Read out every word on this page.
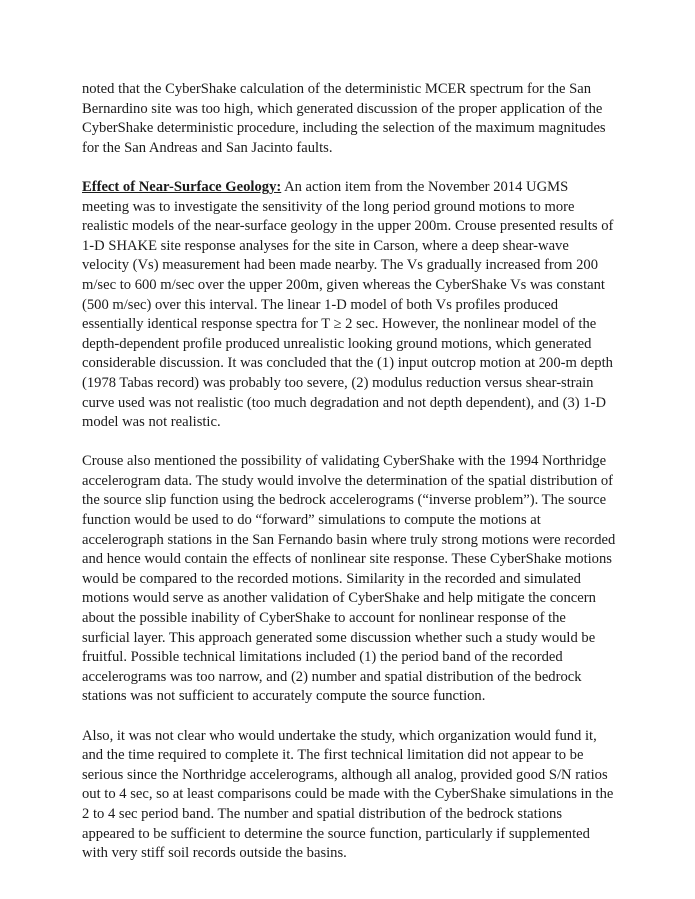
noted that the CyberShake calculation of the deterministic MCER spectrum for the San Bernardino site was too high, which generated discussion of the proper application of the CyberShake deterministic procedure, including the selection of the maximum magnitudes for the San Andreas and San Jacinto faults.

Effect of Near-Surface Geology: An action item from the November 2014 UGMS meeting was to investigate the sensitivity of the long period ground motions to more realistic models of the near-surface geology in the upper 200m. Crouse presented results of 1-D SHAKE site response analyses for the site in Carson, where a deep shear-wave velocity (Vs) measurement had been made nearby. The Vs gradually increased from 200 m/sec to 600 m/sec over the upper 200m, given whereas the CyberShake Vs was constant (500 m/sec) over this interval. The linear 1-D model of both Vs profiles produced essentially identical response spectra for T ≥ 2 sec. However, the nonlinear model of the depth-dependent profile produced unrealistic looking ground motions, which generated considerable discussion. It was concluded that the (1) input outcrop motion at 200-m depth (1978 Tabas record) was probably too severe, (2) modulus reduction versus shear-strain curve used was not realistic (too much degradation and not depth dependent), and (3) 1-D model was not realistic.

Crouse also mentioned the possibility of validating CyberShake with the 1994 Northridge accelerogram data. The study would involve the determination of the spatial distribution of the source slip function using the bedrock accelerograms (“inverse problem”). The source function would be used to do “forward” simulations to compute the motions at accelerograph stations in the San Fernando basin where truly strong motions were recorded and hence would contain the effects of nonlinear site response. These CyberShake motions would be compared to the recorded motions. Similarity in the recorded and simulated motions would serve as another validation of CyberShake and help mitigate the concern about the possible inability of CyberShake to account for nonlinear response of the surficial layer. This approach generated some discussion whether such a study would be fruitful. Possible technical limitations included (1) the period band of the recorded accelerograms was too narrow, and (2) number and spatial distribution of the bedrock stations was not sufficient to accurately compute the source function.

Also, it was not clear who would undertake the study, which organization would fund it, and the time required to complete it. The first technical limitation did not appear to be serious since the Northridge accelerograms, although all analog, provided good S/N ratios out to 4 sec, so at least comparisons could be made with the CyberShake simulations in the 2 to 4 sec period band. The number and spatial distribution of the bedrock stations appeared to be sufficient to determine the source function, particularly if supplemented with very stiff soil records outside the basins.
